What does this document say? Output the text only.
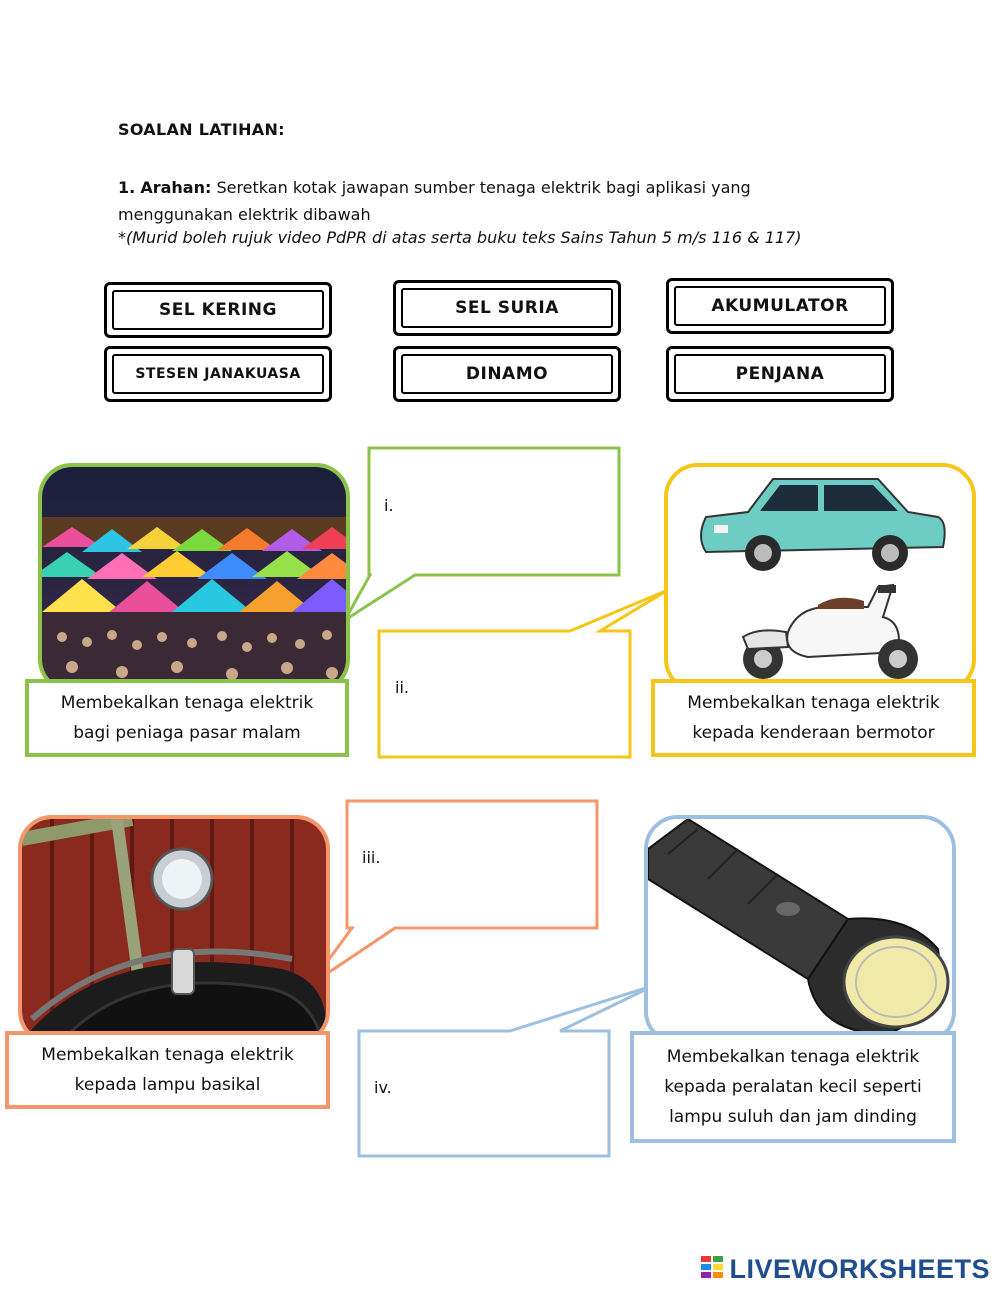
SOALAN LATIHAN:
1. Arahan: Seretkan kotak jawapan sumber tenaga elektrik bagi aplikasi yang
menggunakan elektrik dibawah
*(Murid boleh rujuk video PdPR di atas serta buku teks Sains Tahun 5 m/s 116 & 117)
SEL KERING	SEL SURIA	AKUMULATOR
STESEN JANAKUASA	DINAMO	PENJANA
i.
ii.
iii.
iv.
Membekalkan tenaga elektrik
bagi peniaga pasar malam
Membekalkan tenaga elektrik
kepada kenderaan bermotor
Membekalkan tenaga elektrik
kepada lampu basikal
Membekalkan tenaga elektrik
kepada peralatan kecil seperti
lampu suluh dan jam dinding
LIVEWORKSHEETS
